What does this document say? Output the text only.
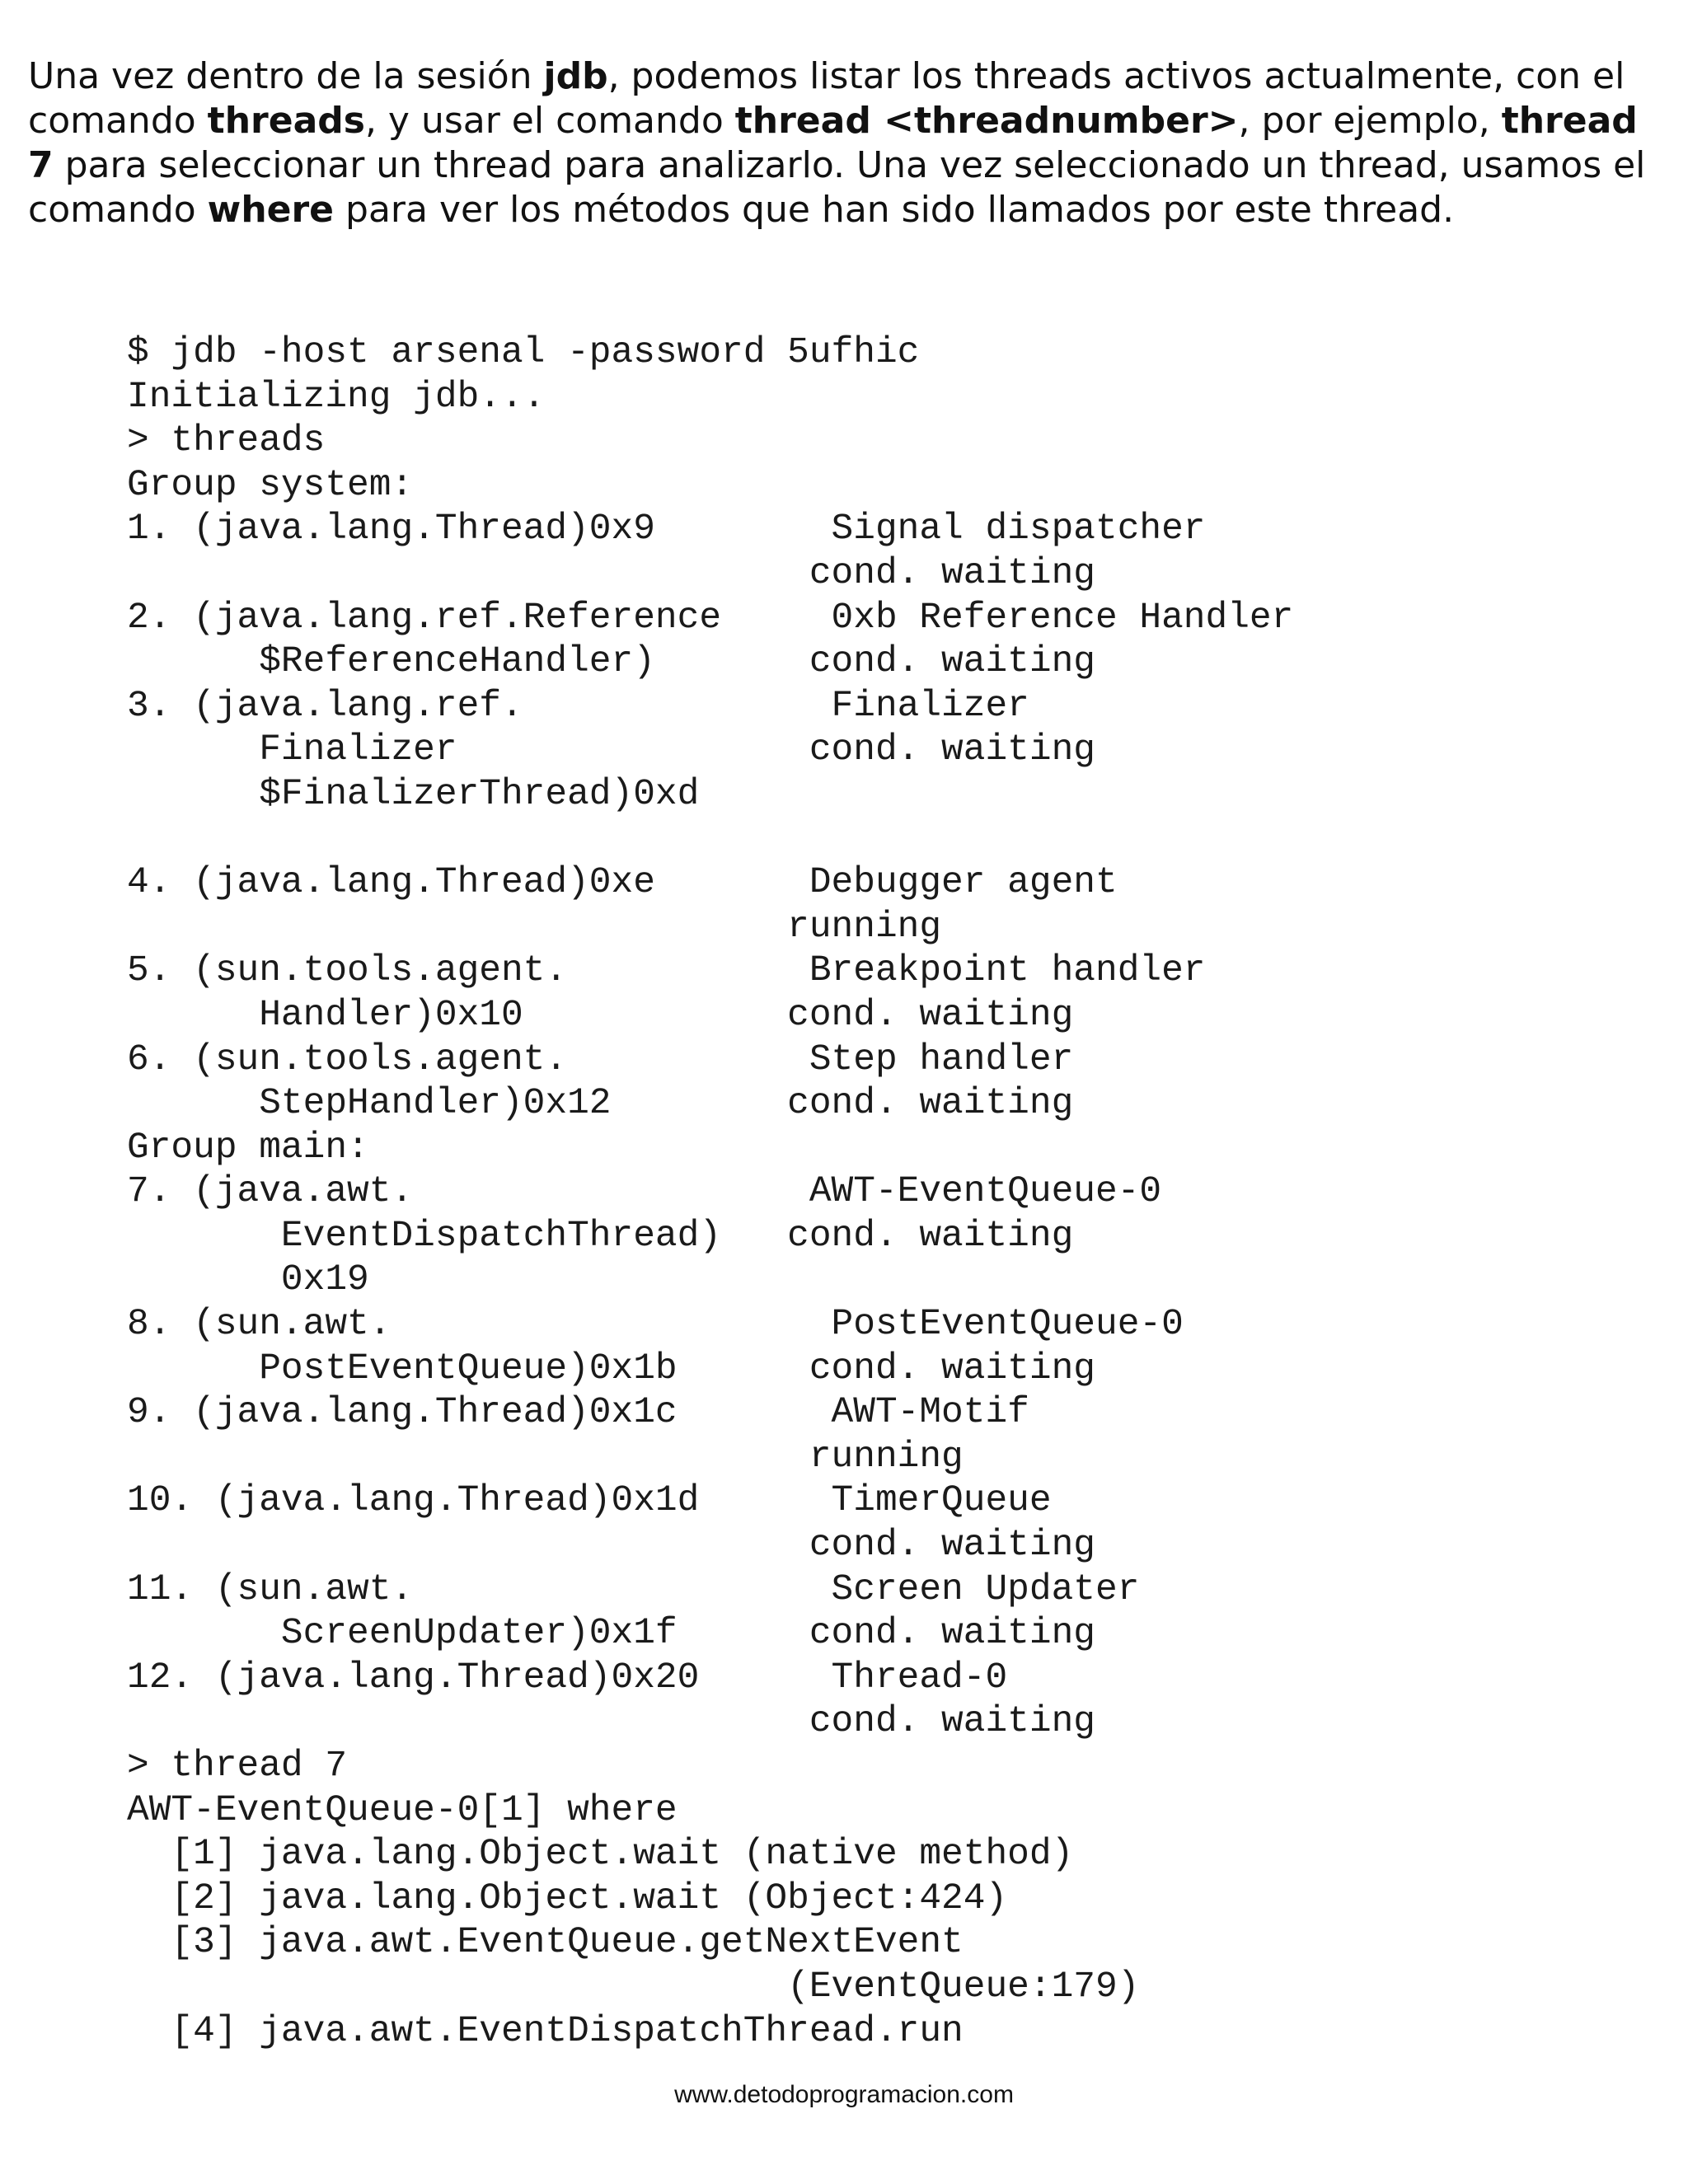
Una vez dentro de la sesión jdb, podemos listar los threads activos actualmente, con el comando threads, y usar el comando thread <threadnumber>, por ejemplo, thread 7 para seleccionar un thread para analizarlo. Una vez seleccionado un thread, usamos el comando where para ver los métodos que han sido llamados por este thread.

$ jdb -host arsenal -password 5ufhic
Initializing jdb...
> threads
Group system:
1. (java.lang.Thread)0x9        Signal dispatcher
cond. waiting
2. (java.lang.ref.Reference     0xb Reference Handler
$ReferenceHandler)       cond. waiting
3. (java.lang.ref.              Finalizer
Finalizer                cond. waiting
$FinalizerThread)0xd
4. (java.lang.Thread)0xe       Debugger agent
running
5. (sun.tools.agent.           Breakpoint handler
Handler)0x10            cond. waiting
6. (sun.tools.agent.           Step handler
StepHandler)0x12        cond. waiting
Group main:
7. (java.awt.                  AWT-EventQueue-0
EventDispatchThread)   cond. waiting
0x19
8. (sun.awt.                    PostEventQueue-0
PostEventQueue)0x1b      cond. waiting
9. (java.lang.Thread)0x1c       AWT-Motif
running
10. (java.lang.Thread)0x1d      TimerQueue
cond. waiting
11. (sun.awt.                   Screen Updater
ScreenUpdater)0x1f      cond. waiting
12. (java.lang.Thread)0x20      Thread-0
cond. waiting
> thread 7
AWT-EventQueue-0[1] where
[1] java.lang.Object.wait (native method)
[2] java.lang.Object.wait (Object:424)
[3] java.awt.EventQueue.getNextEvent
(EventQueue:179)
[4] java.awt.EventDispatchThread.run
www.detodoprogramacion.com
